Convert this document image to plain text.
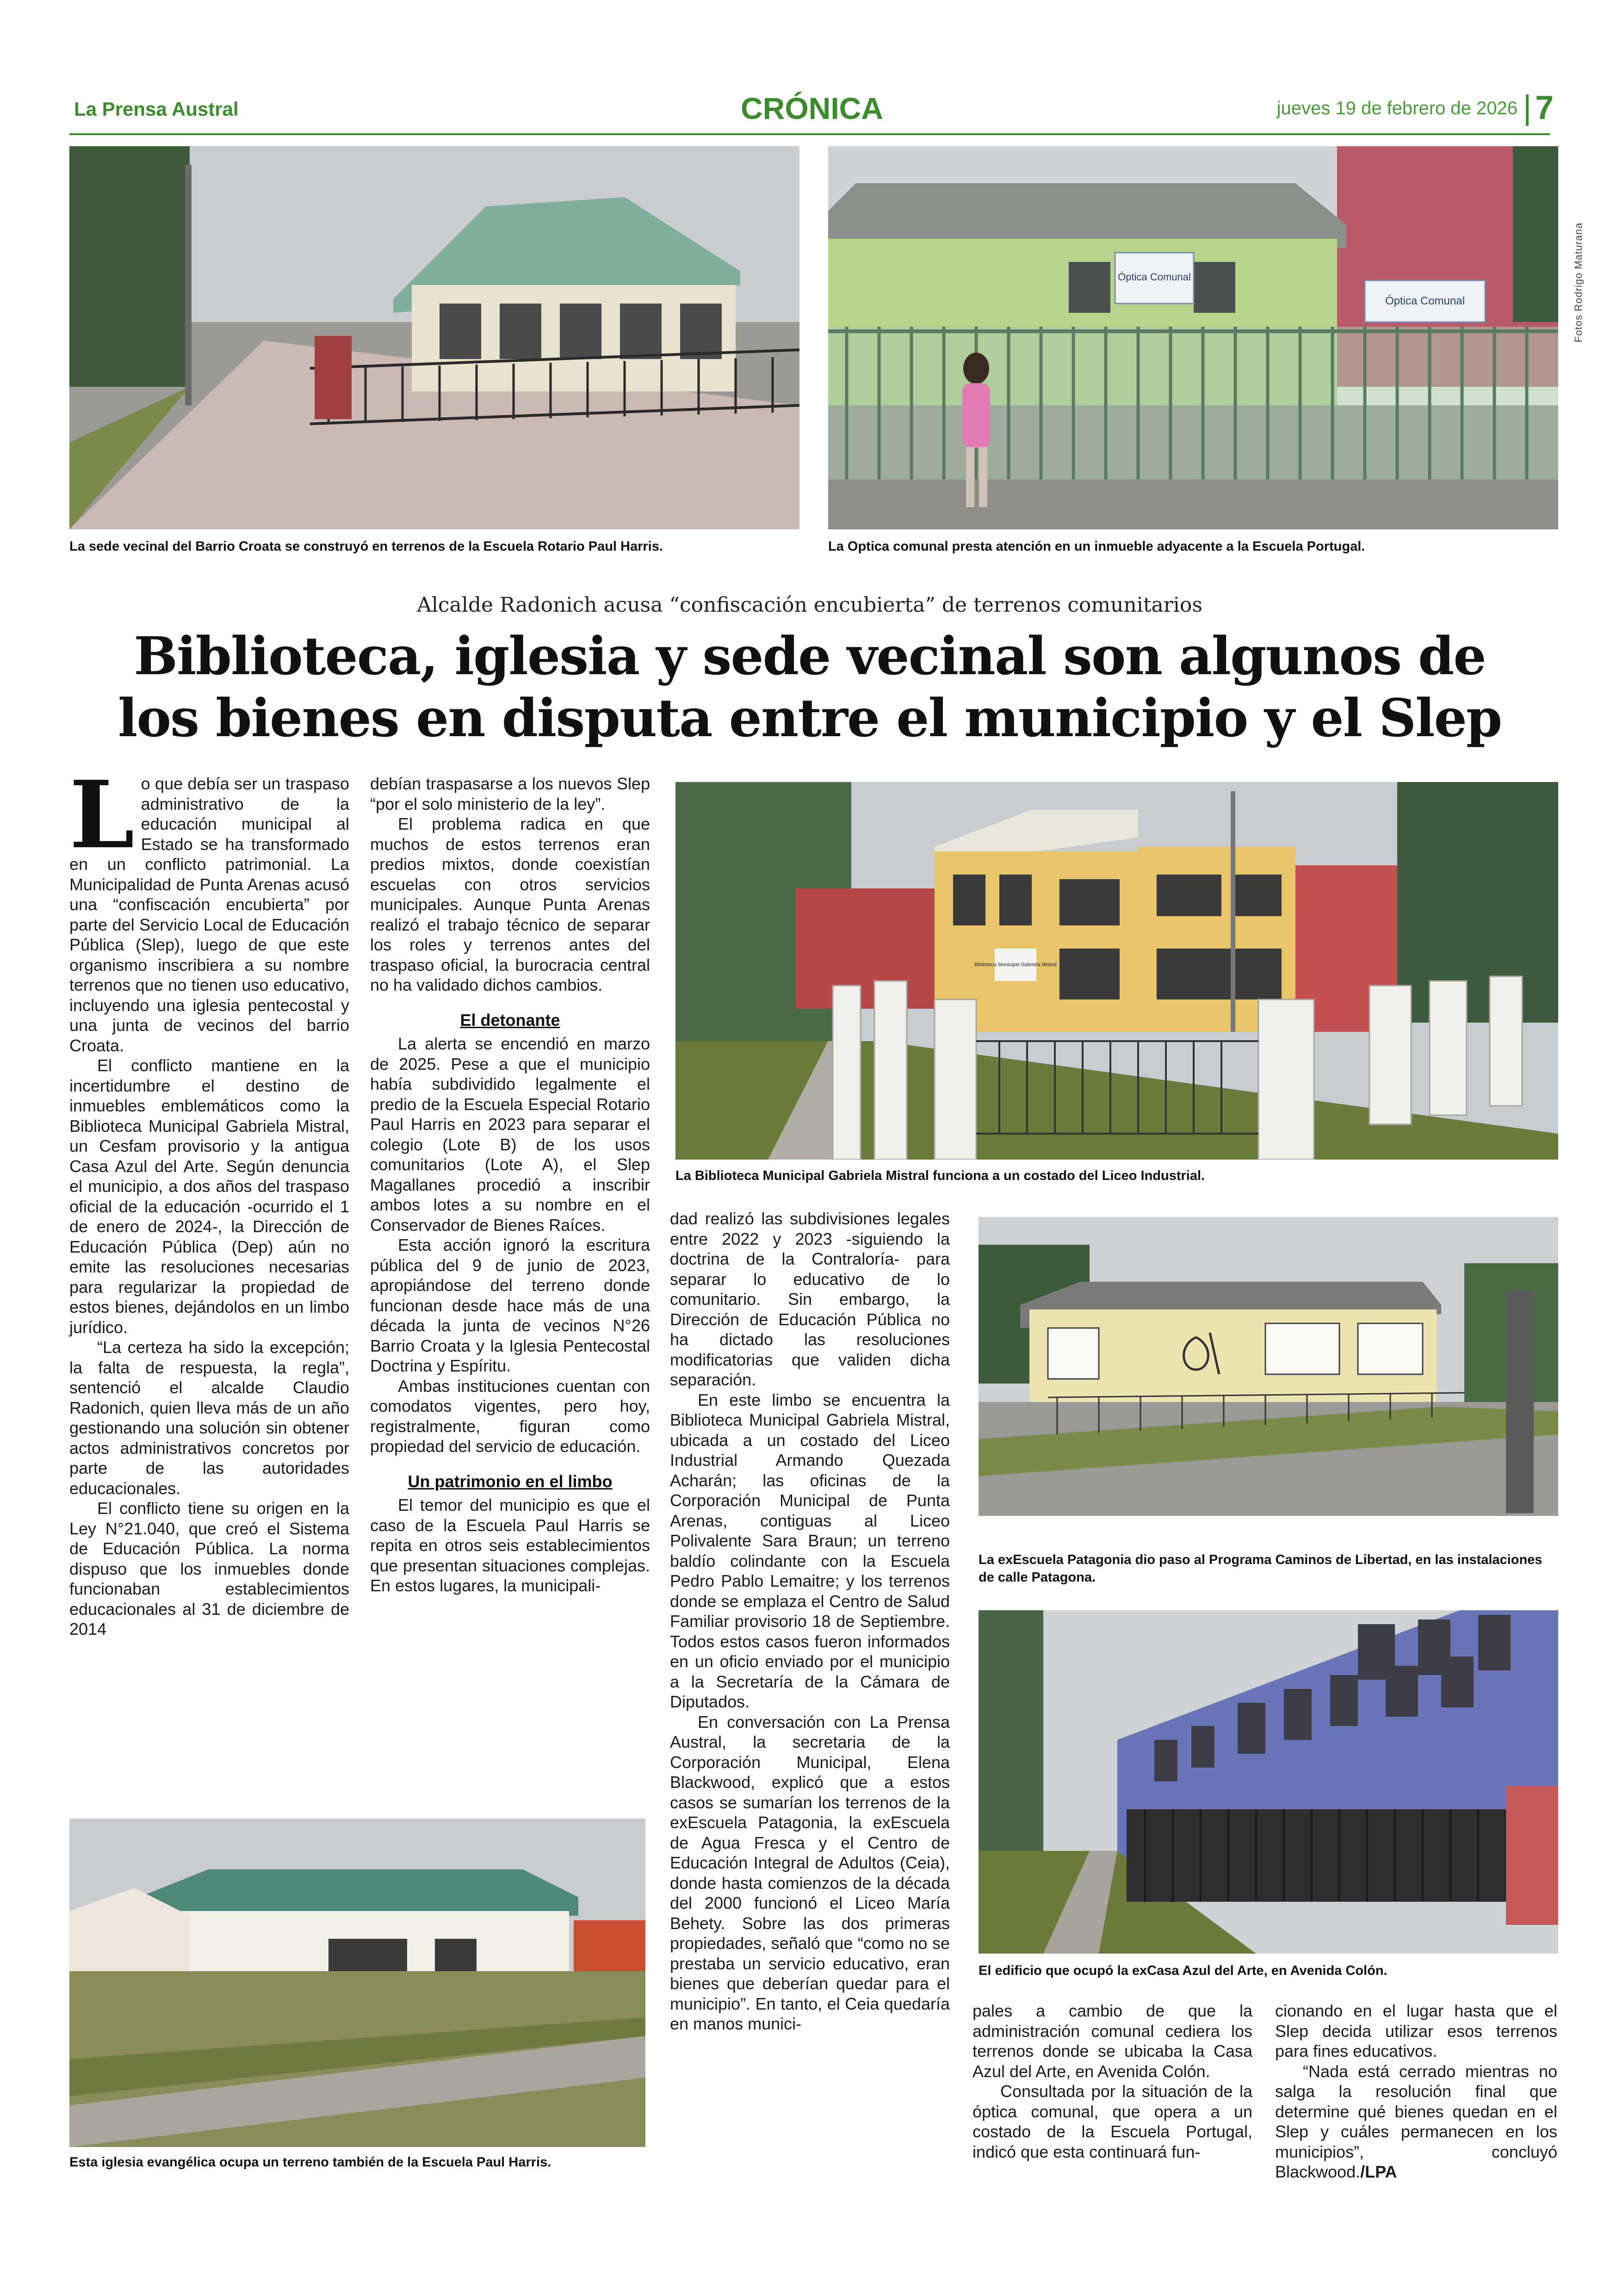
La Prensa Austral	CRÓNICA	jueves 19 de febrero de 2026 7
Fotos Rodrigo Maturana
La sede vecinal del Barrio Croata se construyó en terrenos de la Escuela Rotario Paul Harris.
Óptica Comunal
Óptica Comunal
La Optica comunal presta atención en un inmueble adyacente a la Escuela Portugal.
Alcalde Radonich acusa “confiscación encubierta” de terrenos comunitarios
Biblioteca, iglesia y sede vecinal son algunos de
los bienes en disputa entre el municipio y el Slep
L o que debía ser un traspaso administrativo de la educación municipal al Estado se ha transformado en un conflicto patrimonial. La Municipalidad de Punta Arenas acusó una “confiscación encubierta” por parte del Servicio Local de Educación Pública (Slep), luego de que este organismo inscribiera a su nombre terrenos que no tienen uso educativo, incluyendo una iglesia pentecostal y una junta de vecinos del barrio Croata.

El conflicto mantiene en la incertidumbre el destino de inmuebles emblemáticos como la Biblioteca Municipal Gabriela Mistral, un Cesfam provisorio y la antigua Casa Azul del Arte. Según denuncia el municipio, a dos años del traspaso oficial de la educación -ocurrido el 1 de enero de 2024-, la Dirección de Educación Pública (Dep) aún no emite las resoluciones necesarias para regularizar la propiedad de estos bienes, dejándolos en un limbo jurídico.

“La certeza ha sido la excepción; la falta de respuesta, la regla”, sentenció el alcalde Claudio Radonich, quien lleva más de un año gestionando una solución sin obtener actos administrativos concretos por parte de las autoridades educacionales.

El conflicto tiene su origen en la Ley N°21.040, que creó el Sistema de Educación Pública. La norma dispuso que los inmuebles donde funcionaban establecimientos educacionales al 31 de diciembre de 2014

debían traspasarse a los nuevos Slep “por el solo ministerio de la ley”.

El problema radica en que muchos de estos terrenos eran predios mixtos, donde coexistían escuelas con otros servicios municipales. Aunque Punta Arenas realizó el trabajo técnico de separar los roles y terrenos antes del traspaso oficial, la burocracia central no ha validado dichos cambios.

El detonante

La alerta se encendió en marzo de 2025. Pese a que el municipio había subdividido legalmente el predio de la Escuela Especial Rotario Paul Harris en 2023 para separar el colegio (Lote B) de los usos comunitarios (Lote A), el Slep Magallanes procedió a inscribir ambos lotes a su nombre en el Conservador de Bienes Raíces.

Esta acción ignoró la escritura pública del 9 de junio de 2023, apropiándose del terreno donde funcionan desde hace más de una década la junta de vecinos N°26 Barrio Croata y la Iglesia Pentecostal Doctrina y Espíritu.

Ambas instituciones cuentan con comodatos vigentes, pero hoy, registralmente, figuran como propiedad del servicio de educación.

Un patrimonio en el limbo

El temor del municipio es que el caso de la Escuela Paul Harris se repita en otros seis establecimientos que presentan situaciones complejas. En estos lugares, la municipali-

Biblioteca Municipal Gabriela Mistral
La Biblioteca Municipal Gabriela Mistral funciona a un costado del Liceo Industrial.

dad realizó las subdivisiones legales entre 2022 y 2023 -siguiendo la doctrina de la Contraloría- para separar lo educativo de lo comunitario. Sin embargo, la Dirección de Educación Pública no ha dictado las resoluciones modificatorias que validen dicha separación.

En este limbo se encuentra la Biblioteca Municipal Gabriela Mistral, ubicada a un costado del Liceo Industrial Armando Quezada Acharán; las oficinas de la Corporación Municipal de Punta Arenas, contiguas al Liceo Polivalente Sara Braun; un terreno baldío colindante con la Escuela Pedro Pablo Lemaitre; y los terrenos donde se emplaza el Centro de Salud Familiar provisorio 18 de Septiembre. Todos estos casos fueron informados en un oficio enviado por el municipio a la Secretaría de la Cámara de Diputados.

En conversación con La Prensa Austral, la secretaria de la Corporación Municipal, Elena Blackwood, explicó que a estos casos se sumarían los terrenos de la exEscuela Patagonia, la exEscuela de Agua Fresca y el Centro de Educación Integral de Adultos (Ceia), donde hasta comienzos de la década del 2000 funcionó el Liceo María Behety. Sobre las dos primeras propiedades, señaló que “como no se prestaba un servicio educativo, eran bienes que deberían quedar para el municipio”. En tanto, el Ceia quedaría en manos munici-

La exEscuela Patagonia dio paso al Programa Caminos de Libertad, en las instalaciones de calle Patagona.
El edificio que ocupó la exCasa Azul del Arte, en Avenida Colón.

pales a cambio de que la administración comunal cediera los terrenos donde se ubicaba la Casa Azul del Arte, en Avenida Colón.

Consultada por la situación de la óptica comunal, que opera a un costado de la Escuela Portugal, indicó que esta continuará fun-

cionando en el lugar hasta que el Slep decida utilizar esos terrenos para fines educativos.

“Nada está cerrado mientras no salga la resolución final que determine qué bienes quedan en el Slep y cuáles permanecen en los municipios”, concluyó Blackwood./LPA

Esta iglesia evangélica ocupa un terreno también de la Escuela Paul Harris.
